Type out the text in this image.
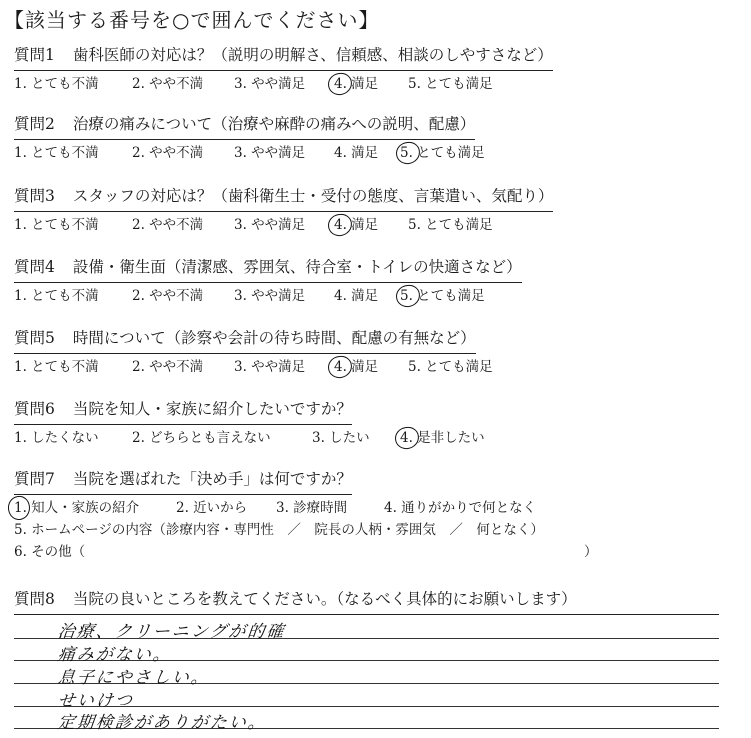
【該当する番号を○で囲んでください】
質問1 歯科医師の対応は？（説明の明解さ、信頼感、相談のしやすさなど）
1. とても不満 2. やや不満 3. やや満足 4. 満足 5. とても満足
質問2 治療の痛みについて（治療や麻酔の痛みへの説明、配慮）
1. とても不満 2. やや不満 3. やや満足 4. 満足 5. とても満足
質問3 スタッフの対応は？（歯科衛生士・受付の態度、言葉遣い、気配り）
1. とても不満 2. やや不満 3. やや満足 4. 満足 5. とても満足
質問4 設備・衛生面（清潔感、雰囲気、待合室・トイレの快適さなど）
1. とても不満 2. やや不満 3. やや満足 4. 満足 5. とても満足
質問5 時間について（診察や会計の待ち時間、配慮の有無など）
1. とても不満 2. やや不満 3. やや満足 4. 満足 5. とても満足
質問6 当院を知人・家族に紹介したいですか？
1. したくない 2. どちらとも言えない	3. したい 4. 是非したい
質問7 当院を選ばれた「決め手」は何ですか？
1. 知人・家族の紹介	2. 近いから 3. 診療時間	4. 通りがかりで何となく
5. ホームページの内容（診療内容・専門性　／　院長の人柄・雰囲気　／　何となく）
6. その他（	）
質問8 当院の良いところを教えてください。（なるべく具体的にお願いします）
治療、クリーニングが的確
痛みがない。
息子にやさしい。
せいけつ
定期検診がありがたい。
